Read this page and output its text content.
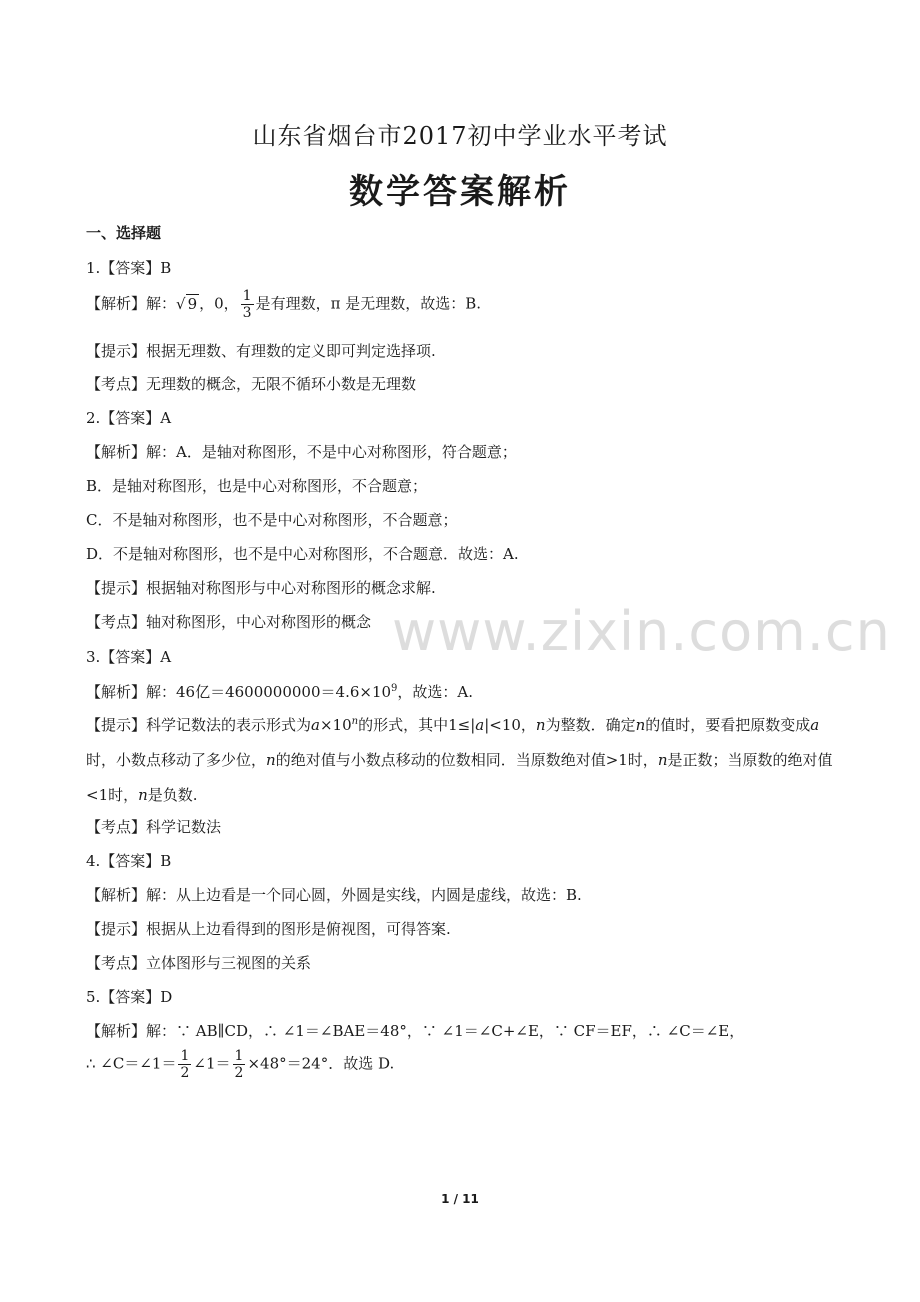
山东省烟台市2017初中学业水平考试
数学答案解析
一、选择题
1.【答案】B
【解析】解：√ 9 ，0， $\frac{1}{3}$ 是有理数，π 是无理数，故选：B.
【提示】根据无理数、有理数的定义即可判定选择项.
【考点】无理数的概念，无限不循环小数是无理数
2.【答案】A
【解析】解：A．是轴对称图形，不是中心对称图形，符合题意；
B．是轴对称图形，也是中心对称图形，不合题意；
C．不是轴对称图形，也不是中心对称图形，不合题意；
D．不是轴对称图形，也不是中心对称图形，不合题意．故选：A.
【提示】根据轴对称图形与中心对称图形的概念求解.
【考点】轴对称图形，中心对称图形的概念
3.【答案】A
【解析】解：46亿$=4600000000=4.6\times 10^9$，故选：A.
【提示】科学记数法的表示形式为$a\times 10^n$的形式，其中1≤|a|<10，n为整数．确定n的值时，要看把原数变成a时，小数点移动了多少位，n的绝对值与小数点移动的位数相同．当原数绝对值>1时，n是正数；当原数的绝对值<1时，n是负数.
【考点】科学记数法
4.【答案】B
【解析】解：从上边看是一个同心圆，外圆是实线，内圆是虚线，故选：B.
【提示】根据从上边看得到的图形是俯视图，可得答案.
【考点】立体图形与三视图的关系
5.【答案】D
【解析】解：∵ AB∥CD，∴ ∠1＝∠BAE＝48°，∵ ∠1＝∠C+∠E，∵ CF＝EF，∴ ∠C＝∠E，
∴ ∠C＝∠1＝ $\frac{1}{2}$ ∠1＝ $\frac{1}{2} \times 48^\circ=24^\circ$．故选 D.
www.zixin.com.cn
1 / 11
